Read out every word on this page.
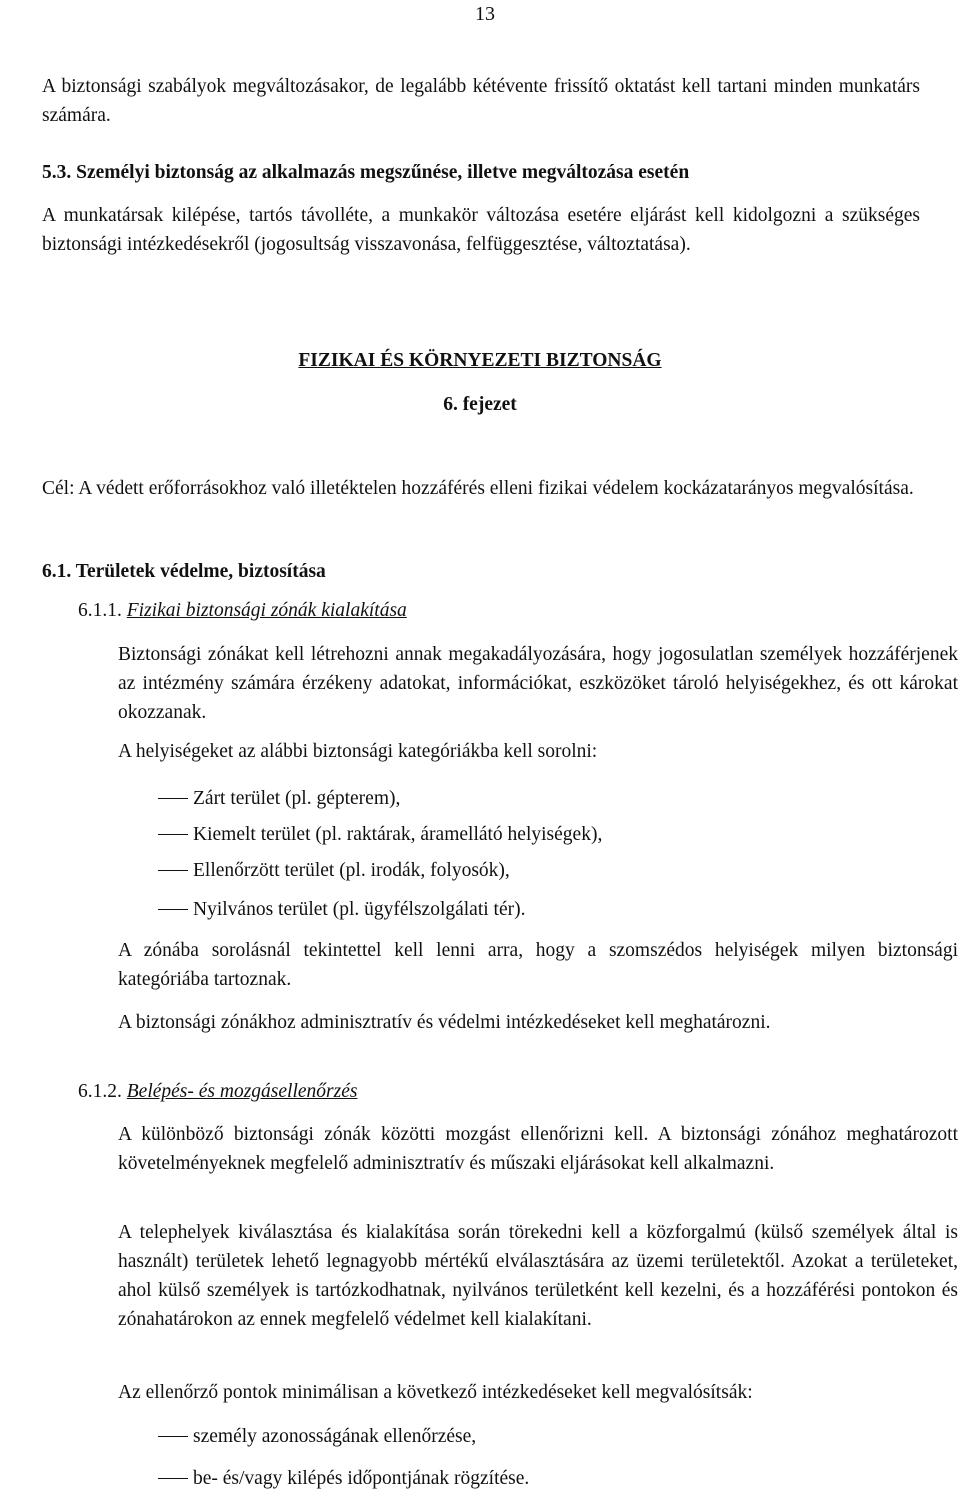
13

A biztonsági szabályok megváltozásakor, de legalább kétévente frissítő oktatást kell tartani minden munkatárs számára.

5.3. Személyi biztonság az alkalmazás megszűnése, illetve megváltozása esetén

A munkatársak kilépése, tartós távolléte, a munkakör változása esetére eljárást kell kidolgozni a szükséges biztonsági intézkedésekről (jogosultság visszavonása, felfüggesztése, változtatása).

FIZIKAI ÉS KÖRNYEZETI BIZTONSÁG
6. fejezet

Cél: A védett erőforrásokhoz való illetéktelen hozzáférés elleni fizikai védelem kockázatarányos megvalósítása.

6.1. Területek védelme, biztosítása

6.1.1. Fizikai biztonsági zónák kialakítása

Biztonsági zónákat kell létrehozni annak megakadályozására, hogy jogosulatlan személyek hozzáférjenek az intézmény számára érzékeny adatokat, információkat, eszközöket tároló helyiségekhez, és ott károkat okozzanak.

A helyiségeket az alábbi biztonsági kategóriákba kell sorolni:

Zárt terület (pl. gépterem),
Kiemelt terület (pl. raktárak, áramellátó helyiségek),
Ellenőrzött terület (pl. irodák, folyosók),
Nyilvános terület (pl. ügyfélszolgálati tér).

A zónába sorolásnál tekintettel kell lenni arra, hogy a szomszédos helyiségek milyen biztonsági kategóriába tartoznak.

A biztonsági zónákhoz adminisztratív és védelmi intézkedéseket kell meghatározni.

6.1.2. Belépés- és mozgásellenőrzés

A különböző biztonsági zónák közötti mozgást ellenőrizni kell. A biztonsági zónához meghatározott követelményeknek megfelelő adminisztratív és műszaki eljárásokat kell alkalmazni.

A telephelyek kiválasztása és kialakítása során törekedni kell a közforgalmú (külső személyek által is használt) területek lehető legnagyobb mértékű elválasztására az üzemi területektől. Azokat a területeket, ahol külső személyek is tartózkodhatnak, nyilvános területként kell kezelni, és a hozzáférési pontokon és zónahatárokon az ennek megfelelő védelmet kell kialakítani.

Az ellenőrző pontok minimálisan a következő intézkedéseket kell megvalósítsák:

személy azonosságának ellenőrzése,
be- és/vagy kilépés időpontjának rögzítése.
